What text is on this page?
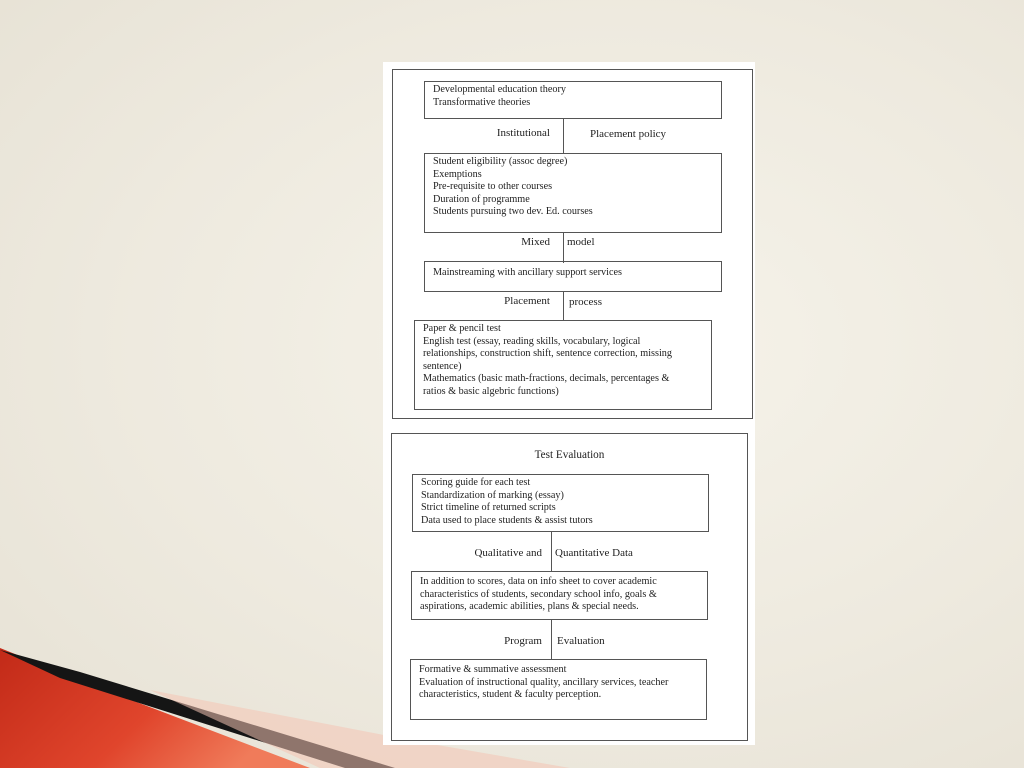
Developmental education theory
Transformative theories
Institutional	Placement policy
Student eligibility (assoc degree)
Exemptions
Pre-requisite to other courses
Duration of programme
Students pursuing two dev. Ed. courses
Mixed model
Mainstreaming with ancillary support services
Placement process
Paper & pencil test
English test (essay, reading skills, vocabulary, logical
relationships, construction shift, sentence correction, missing
sentence)
Mathematics (basic math-fractions, decimals, percentages &
ratios & basic algebric functions)
Test Evaluation
Scoring guide for each test
Standardization of marking (essay)
Strict timeline of returned scripts
Data used to place students & assist tutors
Qualitative and Quantitative Data
In addition to scores, data on info sheet to cover academic
characteristics of students, secondary school info, goals &
aspirations, academic abilities, plans & special needs.
Program Evaluation
Formative & summative assessment
Evaluation of instructional quality, ancillary services, teacher
characteristics, student & faculty perception.
